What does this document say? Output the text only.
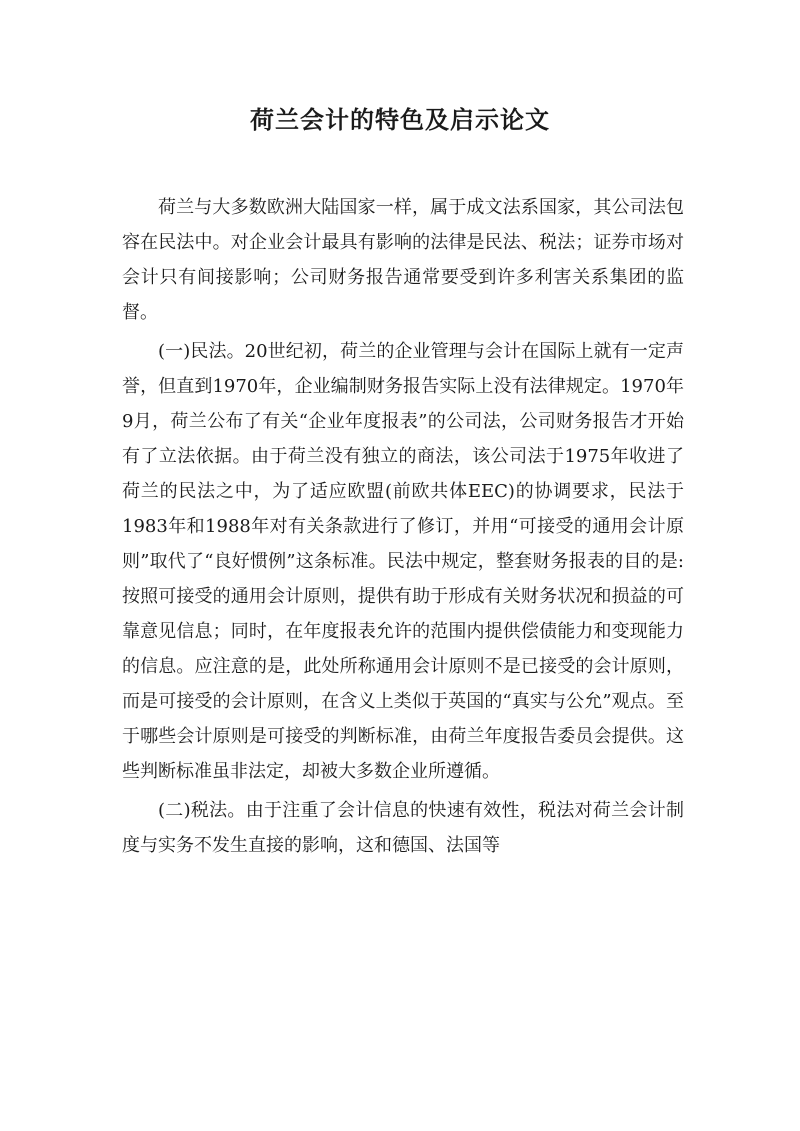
荷兰会计的特色及启示论文

荷兰与大多数欧洲大陆国家一样，属于成文法系国家，其公司法包容在民法中。对企业会计最具有影响的法律是民法、税法；证券市场对会计只有间接影响；公司财务报告通常要受到许多利害关系集团的监督。

(一)民法。20世纪初，荷兰的企业管理与会计在国际上就有一定声誉，但直到1970年，企业编制财务报告实际上没有法律规定。1970年9月，荷兰公布了有关“企业年度报表”的公司法，公司财务报告才开始有了立法依据。由于荷兰没有独立的商法，该公司法于1975年收进了荷兰的民法之中，为了适应欧盟(前欧共体EEC)的协调要求，民法于1983年和1988年对有关条款进行了修订，并用“可接受的通用会计原则”取代了“良好惯例”这条标准。民法中规定，整套财务报表的目的是:按照可接受的通用会计原则，提供有助于形成有关财务状况和损益的可靠意见信息；同时，在年度报表允许的范围内提供偿债能力和变现能力的信息。应注意的是，此处所称通用会计原则不是已接受的会计原则，而是可接受的会计原则，在含义上类似于英国的“真实与公允”观点。至于哪些会计原则是可接受的判断标准，由荷兰年度报告委员会提供。这些判断标准虽非法定，却被大多数企业所遵循。

(二)税法。由于注重了会计信息的快速有效性，税法对荷兰会计制度与实务不发生直接的影响，这和德国、法国等
